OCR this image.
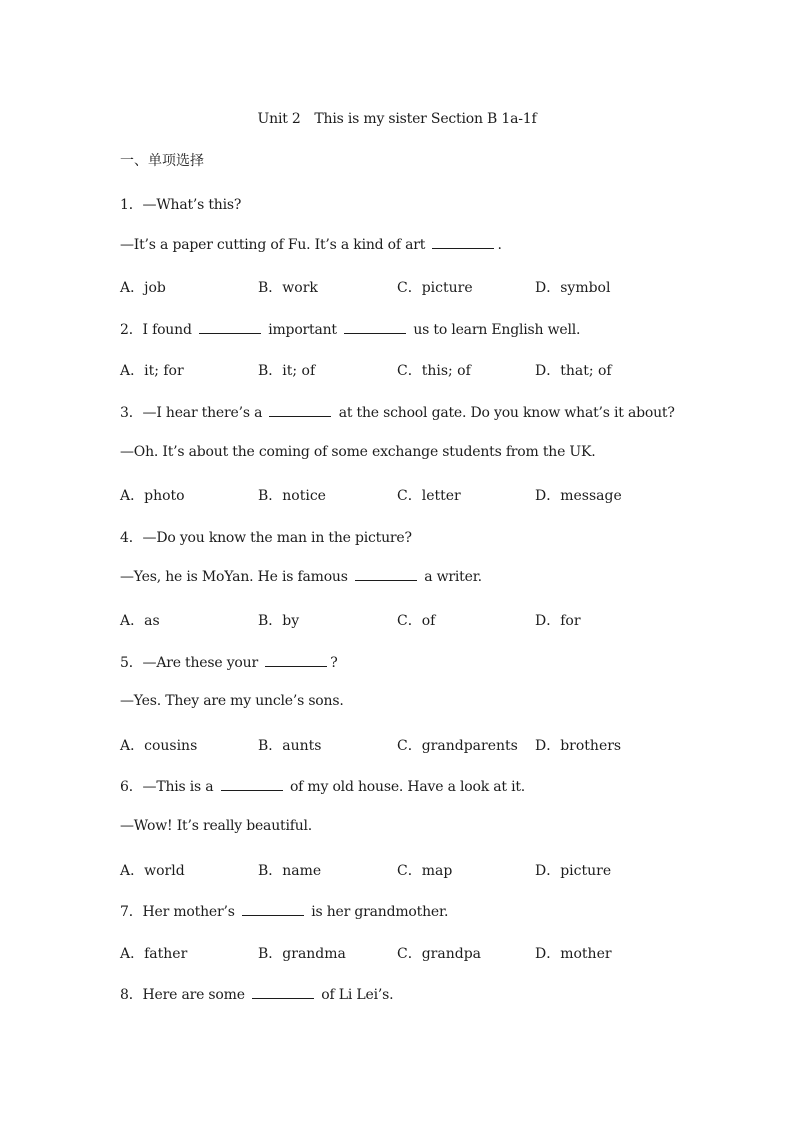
Unit 2　This is my sister Section B 1a-1f
一、单项选择
1．—What’s this?
—It’s a paper cutting of Fu. It’s a kind of art	.
A．job	B．work	C．picture	D．symbol
2．I found	important	us to learn English well.
A．it; for	B．it; of	C．this; of	D．that; of
3．—I hear there’s a	at the school gate. Do you know what’s it about?
—Oh. It’s about the coming of some exchange students from the UK.
A．photo	B．notice	C．letter	D．message
4．—Do you know the man in the picture?
—Yes, he is MoYan. He is famous	a writer.
A．as	B．by	C．of	D．for
5．—Are these your	?
—Yes. They are my uncle’s sons.
A．cousins	B．aunts	C．grandparents D．brothers
6．—This is a	of my old house. Have a look at it.
—Wow! It’s really beautiful.
A．world	B．name	C．map	D．picture
7．Her mother’s	is her grandmother.
A．father	B．grandma	C．grandpa	D．mother
8．Here are some	of Li Lei’s.
